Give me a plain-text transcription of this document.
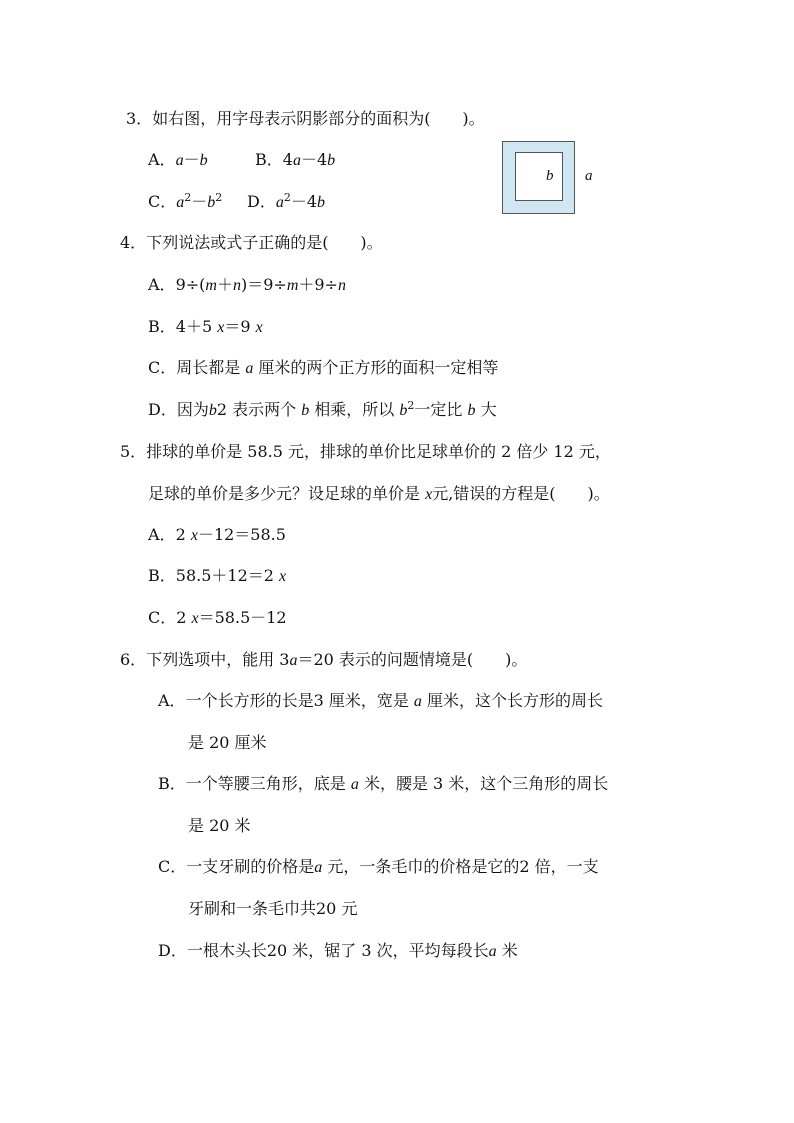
3．如右图，用字母表示阴影部分的面积为(　　)。
A．a－b	B．4a－4b
C．$a^2-b^2$ D．$a^2-4b$
b a
4．下列说法或式子正确的是(　　)。
A．9÷(m＋n)＝9÷m＋9÷n
B．4＋5 x＝9 x
C．周长都是 a 厘米的两个正方形的面积一定相等
D．因为b2 表示两个 b 相乘，所以 $b^2$一定比 b 大
5．排球的单价是 58.5 元，排球的单价比足球单价的 2 倍少 12 元，
足球的单价是多少元？设足球的单价是 x元,错误的方程是(　　)。
A．2 x－12＝58.5
B．58.5＋12＝2 x
C．2 x＝58.5－12
6．下列选项中，能用 3a＝20 表示的问题情境是(　　)。
A．一个长方形的长是3 厘米，宽是 a 厘米，这个长方形的周长
是 20 厘米
B．一个等腰三角形，底是 a 米，腰是 3 米，这个三角形的周长
是 20 米
C．一支牙刷的价格是a 元，一条毛巾的价格是它的2 倍，一支
牙刷和一条毛巾共20 元
D．一根木头长20 米，锯了 3 次，平均每段长a 米
